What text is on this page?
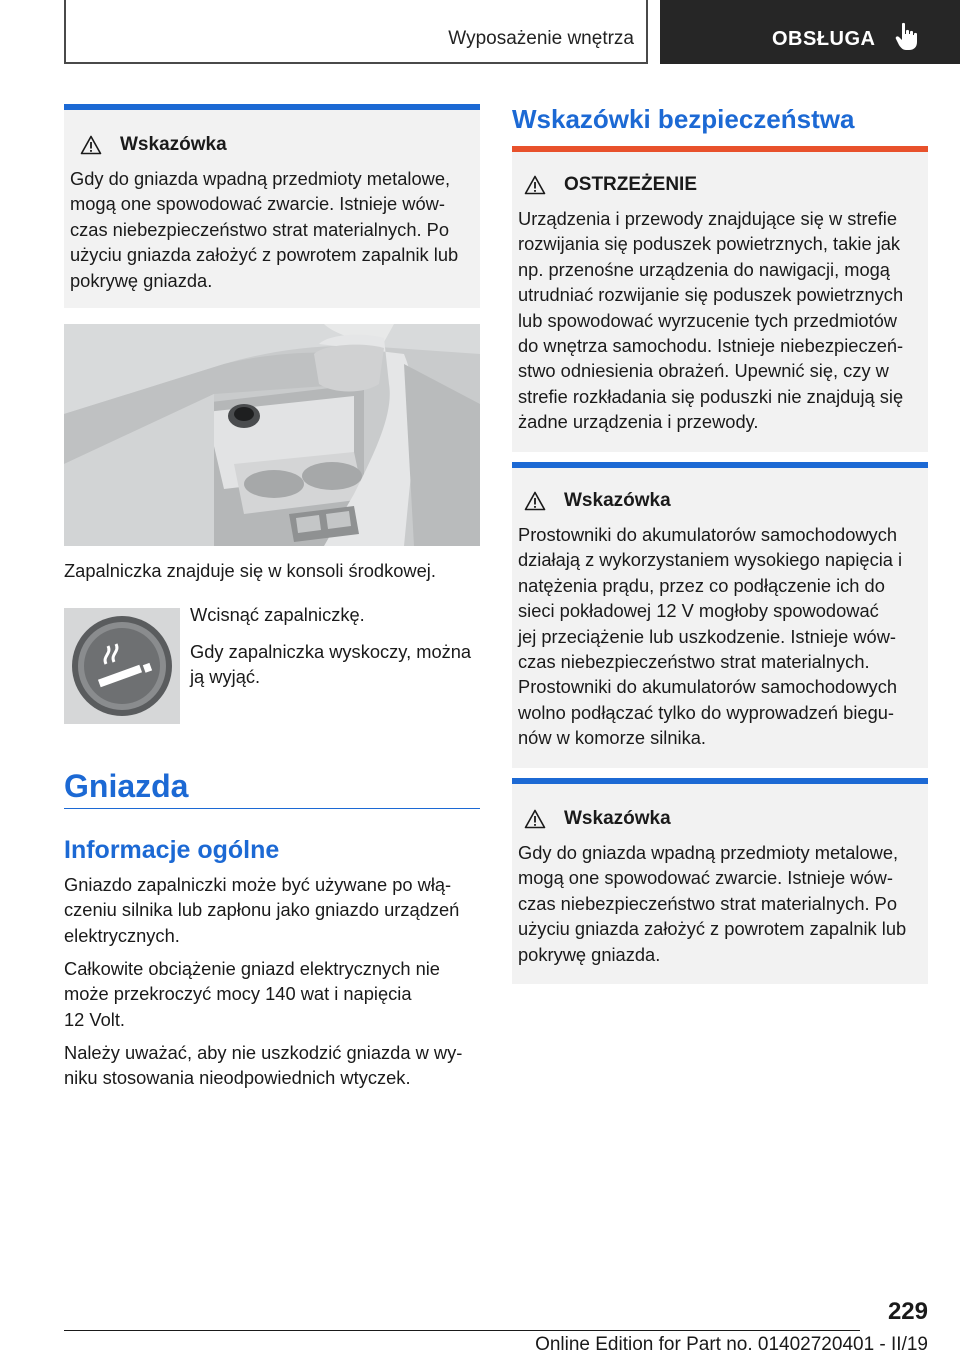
Wyposażenie wnętrza	OBSŁUGA
Wskazówka

Gdy do gniazda wpadną przedmioty metalowe,

mogą one spowodować zwarcie. Istnieje wów-

czas niebezpieczeństwo strat materialnych. Po

użyciu gniazda założyć z powrotem zapalnik lub

pokrywę gniazda.

Zapalniczka znajduje się w konsoli środkowej.

Wcisnąć zapalniczkę.

Gdy zapalniczka wyskoczy, można

ją wyjąć.

Gniazda
Informacje ogólne

Gniazdo zapalniczki może być używane po włą-

czeniu silnika lub zapłonu jako gniazdo urządzeń

elektrycznych.

Całkowite obciążenie gniazd elektrycznych nie

może przekroczyć mocy 140 wat i napięcia

12 Volt.

Należy uważać, aby nie uszkodzić gniazda w wy-

niku stosowania nieodpowiednich wtyczek.

Wskazówki bezpieczeństwa
OSTRZEŻENIE

Urządzenia i przewody znajdujące się w strefie

rozwijania się poduszek powietrznych, takie jak

np. przenośne urządzenia do nawigacji, mogą

utrudniać rozwijanie się poduszek powietrznych

lub spowodować wyrzucenie tych przedmiotów

do wnętrza samochodu. Istnieje niebezpieczeń-

stwo odniesienia obrażeń. Upewnić się, czy w

strefie rozkładania się poduszki nie znajdują się

żadne urządzenia i przewody.

Wskazówka

Prostowniki do akumulatorów samochodowych

działają z wykorzystaniem wysokiego napięcia i

natężenia prądu, przez co podłączenie ich do

sieci pokładowej 12 V mogłoby spowodować

jej przeciążenie lub uszkodzenie. Istnieje wów-

czas niebezpieczeństwo strat materialnych.

Prostowniki do akumulatorów samochodowych

wolno podłączać tylko do wyprowadzeń biegu-

nów w komorze silnika.

Wskazówka

Gdy do gniazda wpadną przedmioty metalowe,

mogą one spowodować zwarcie. Istnieje wów-

czas niebezpieczeństwo strat materialnych. Po

użyciu gniazda założyć z powrotem zapalnik lub

pokrywę gniazda.

229
Online Edition for Part no. 01402720401 - II/19
